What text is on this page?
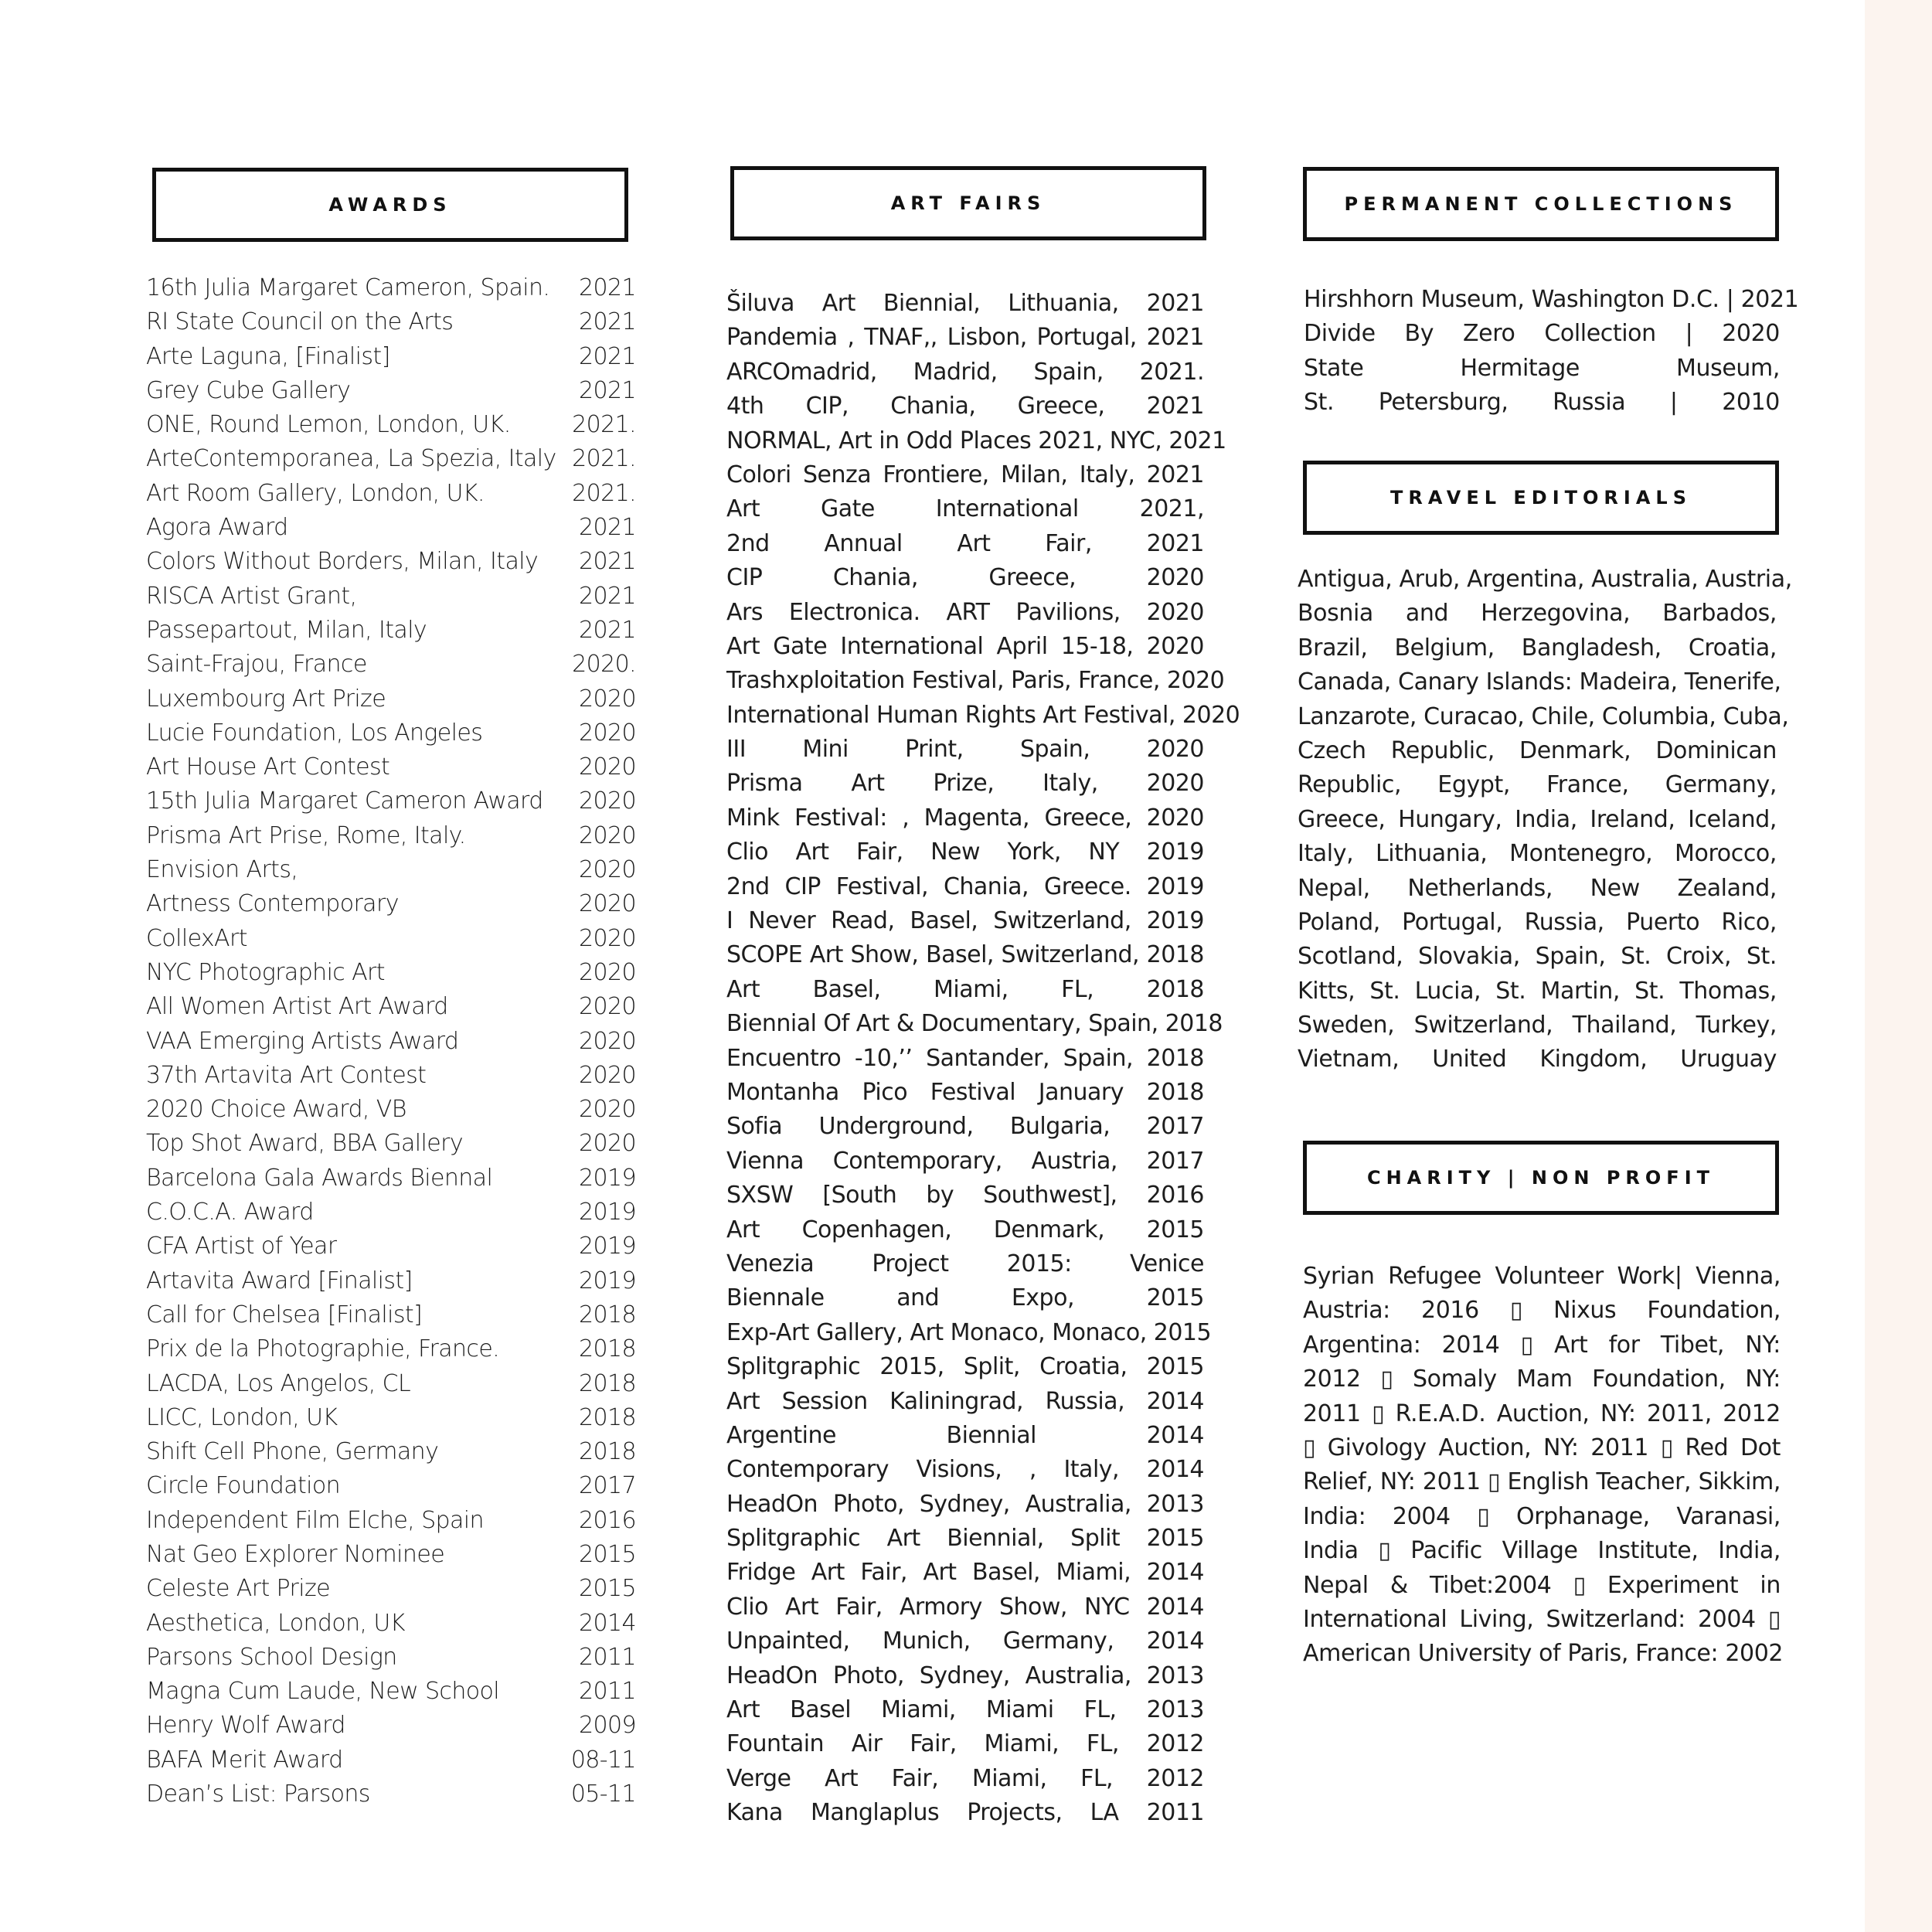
AWARDS	ART FAIRS	PERMANENT COLLECTIONS
TRAVEL EDITORIALS
CHARITY | NON PROFIT
16th Julia Margaret Cameron, Spain. 2021
RI State Council on the Arts	2021
Arte Laguna, [Finalist]	2021
Grey Cube Gallery	2021
ONE, Round Lemon, London, UK.	2021.
ArteContemporanea, La Spezia, Italy 2021.
Art Room Gallery, London, UK.	2021.
Agora Award	2021
Colors Without Borders, Milan, Italy 2021
RISCA Artist Grant,	2021
Passepartout, Milan, Italy	2021
Saint-Frajou, France	2020.
Luxembourg Art Prize	2020
Lucie Foundation, Los Angeles	2020
Art House Art Contest	2020
15th Julia Margaret Cameron Award 2020
Prisma Art Prise, Rome, Italy.	2020
Envision Arts,	2020
Artness Contemporary	2020
CollexArt	2020
NYC Photographic Art	2020
All Women Artist Art Award	2020
VAA Emerging Artists Award	2020
37th Artavita Art Contest	2020
2020 Choice Award, VB	2020
Top Shot Award, BBA Gallery	2020
Barcelona Gala Awards Biennal	2019
C.O.C.A. Award	2019
CFA Artist of Year	2019
Artavita Award [Finalist]	2019
Call for Chelsea [Finalist]	2018
Prix de la Photographie, France.	2018
LACDA, Los Angelos, CL	2018
LICC, London, UK	2018
Shift Cell Phone, Germany	2018
Circle Foundation	2017
Independent Film Elche, Spain	2016
Nat Geo Explorer Nominee	2015
Celeste Art Prize	2015
Aesthetica, London, UK	2014
Parsons School Design	2011
Magna Cum Laude, New School	2011
Henry Wolf Award	2009
BAFA Merit Award	08-11
Dean’s List: Parsons	05-11
Šiluva Art Biennial, Lithuania, 2021
Pandemia , TNAF,, Lisbon, Portugal, 2021
ARCOmadrid, Madrid, Spain, 2021.
4th CIP, Chania, Greece, 2021
NORMAL, Art in Odd Places 2021, NYC, 2021
Colori Senza Frontiere, Milan, Italy, 2021
Art Gate International 2021,
2nd Annual Art Fair, 2021
CIP Chania, Greece, 2020
Ars Electronica. ART Pavilions, 2020
Art Gate International April 15-18, 2020
Trashxploitation Festival, Paris, France, 2020
International Human Rights Art Festival, 2020
III Mini Print, Spain, 2020
Prisma Art Prize, Italy, 2020
Mink Festival: , Magenta, Greece, 2020
Clio Art Fair, New York, NY 2019
2nd CIP Festival, Chania, Greece. 2019
I Never Read, Basel, Switzerland, 2019
SCOPE Art Show, Basel, Switzerland, 2018
Art Basel, Miami, FL, 2018
Biennial Of Art & Documentary, Spain, 2018
Encuentro -10,’’ Santander, Spain, 2018
Montanha Pico Festival January 2018
Sofia Underground, Bulgaria, 2017
Vienna Contemporary, Austria, 2017
SXSW [South by Southwest], 2016
Art Copenhagen, Denmark, 2015
Venezia Project 2015: Venice
Biennale and Expo, 2015
Exp-Art Gallery, Art Monaco, Monaco, 2015
Splitgraphic 2015, Split, Croatia, 2015
Art Session Kaliningrad, Russia, 2014
Argentine Biennial 2014
Contemporary Visions, , Italy, 2014
HeadOn Photo, Sydney, Australia, 2013
Splitgraphic Art Biennial, Split 2015
Fridge Art Fair, Art Basel, Miami, 2014
Clio Art Fair, Armory Show, NYC 2014
Unpainted, Munich, Germany, 2014
HeadOn Photo, Sydney, Australia, 2013
Art Basel Miami, Miami FL, 2013
Fountain Air Fair, Miami, FL, 2012
Verge Art Fair, Miami, FL, 2012
Kana Manglaplus Projects, LA 2011
Hirshhorn Museum, Washington D.C. | 2021
Divide By Zero Collection | 2020
State Hermitage Museum,
St. Petersburg, Russia | 2010
Antigua, Arub, Argentina, Australia, Austria,
Bosnia and Herzegovina, Barbados,
Brazil, Belgium, Bangladesh, Croatia,
Canada, Canary Islands: Madeira, Tenerife,
Lanzarote, Curacao, Chile, Columbia, Cuba,
Czech Republic, Denmark, Dominican
Republic, Egypt, France, Germany,
Greece, Hungary, India, Ireland, Iceland,
Italy, Lithuania, Montenegro, Morocco,
Nepal, Netherlands, New Zealand,
Poland, Portugal, Russia, Puerto Rico,
Scotland, Slovakia, Spain, St. Croix, St.
Kitts, St. Lucia, St. Martin, St. Thomas,
Sweden, Switzerland, Thailand, Turkey,
Vietnam, United Kingdom, Uruguay
Syrian Refugee Volunteer Work| Vienna,
Austria: 2016 ▯ Nixus Foundation,
Argentina: 2014 ▯ Art for Tibet, NY:
2012 ▯ Somaly Mam Foundation, NY:
2011 ▯ R.E.A.D. Auction, NY: 2011, 2012
▯ Givology Auction, NY: 2011 ▯ Red Dot
Relief, NY: 2011 ▯ English Teacher, Sikkim,
India: 2004 ▯ Orphanage, Varanasi,
India ▯ Pacific Village Institute, India,
Nepal & Tibet:2004 ▯ Experiment in
International Living, Switzerland: 2004 ▯
American University of Paris, France: 2002
